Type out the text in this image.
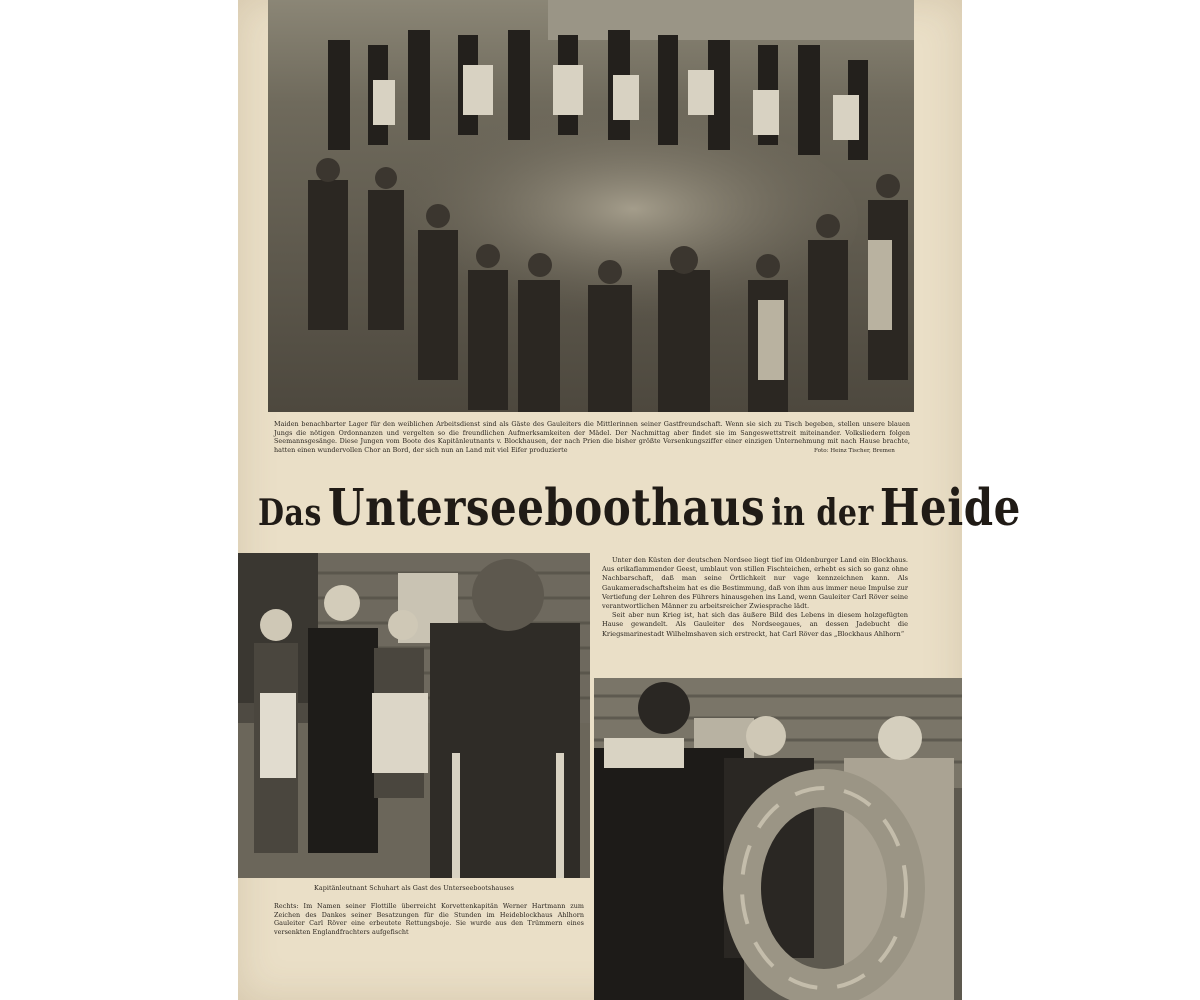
Maiden benachbarter Lager für den weiblichen Arbeitsdienst sind als Gäste des Gauleiters die Mittlerinnen seiner Gastfreundschaft. Wenn sie sich zu Tisch begeben, stellen unsere blauen Jungs die nötigen Ordonnanzen und vergelten so die freundlichen Aufmerksamkeiten der Mädel. Der Nachmittag aber findet sie im Sangeswettstreit miteinander. Volksliedern folgen Seemannsgesänge. Diese Jungen vom Boote des Kapitänleutnants v. Blockhausen, der nach Prien die bisher größte Versenkungsziffer einer einzigen Unternehmung mit nach Hause brachte, hatten einen wundervollen Chor an Bord, der sich nun an Land mit viel Eifer produzierte	Foto: Heinz Tischer, Bremen
Das Unterseebo​othaus in der Heide
Kapitänleutnant Schuhart als Gast des Unterseebootshauses
Rechts: Im Namen seiner Flottille überreicht Korvettenkapitän Werner Hartmann zum Zeichen des Dankes seiner Besatzungen für die Stunden im Heideblockhaus Ahlhorn Gauleiter Carl Röver eine erbeutete Rettungsboje. Sie wurde aus den Trümmern eines versenkten Englandfrachters aufgefischt

Unter den Küsten der deutschen Nordsee liegt tief im Oldenburger Land ein Blockhaus. Aus erikaflammender Geest, umblaut von stillen Fischteichen, erhebt es sich so ganz ohne Nachbarschaft, daß man seine Örtlichkeit nur vage kennzeichnen kann. Als Gaukameradschaftsheim hat es die Bestimmung, daß von ihm aus immer neue Impulse zur Vertiefung der Lehren des Führers hinausgehen ins Land, wenn Gauleiter Carl Röver seine verantwortlichen Männer zu arbeitsreicher Zwiesprache lädt.

Seit aber nun Krieg ist, hat sich das äußere Bild des Lebens in diesem holzgefügten Hause gewandelt. Als Gauleiter des Nordseegaues, an dessen Jadebucht die Kriegsmarinestadt Wilhelmshaven sich erstreckt, hat Carl Röver das „Blockhaus Ahlhorn“
